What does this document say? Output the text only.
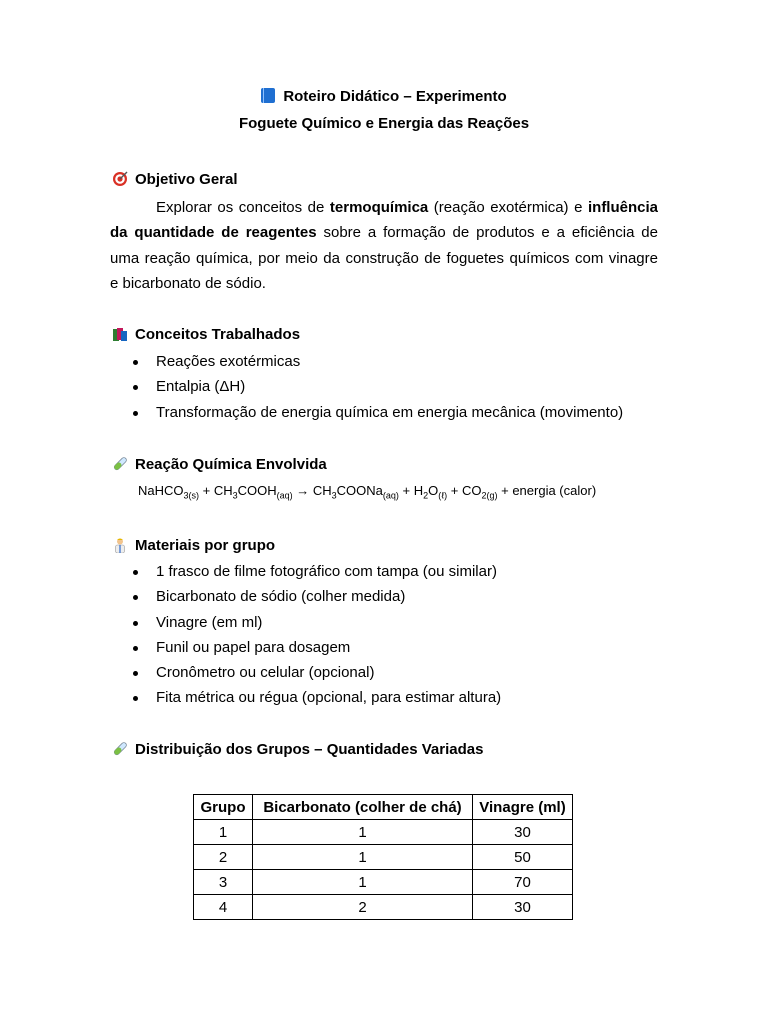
Roteiro Didático – Experimento
Foguete Químico e Energia das Reações
Objetivo Geral
Explorar os conceitos de termoquímica (reação exotérmica) e influência
da quantidade de reagentes sobre a formação de produtos e a eficiência de
uma reação química, por meio da construção de foguetes químicos com vinagre
e bicarbonato de sódio.
Conceitos Trabalhados
Reações exotérmicas
Entalpia (ΔH)
Transformação de energia química em energia mecânica (movimento)
Reação Química Envolvida
NaHCO$_{3(s)}$ + $CH_3COOH_{(aq)}$ → $CH_3COONa_{(aq)} + H_2O_{(\ell)} + CO_{2(g)}$ + energia (calor)
Materiais por grupo
1 frasco de filme fotográfico com tampa (ou similar)
Bicarbonato de sódio (colher medida)
Vinagre (em ml)
Funil ou papel para dosagem
Cronômetro ou celular (opcional)
Fita métrica ou régua (opcional, para estimar altura)
Distribuição dos Grupos – Quantidades Variadas
Grupo	Bicarbonato (colher de chá)	Vinagre (ml)
1	1	30
2	1	50
3	1	70
4	2	30
